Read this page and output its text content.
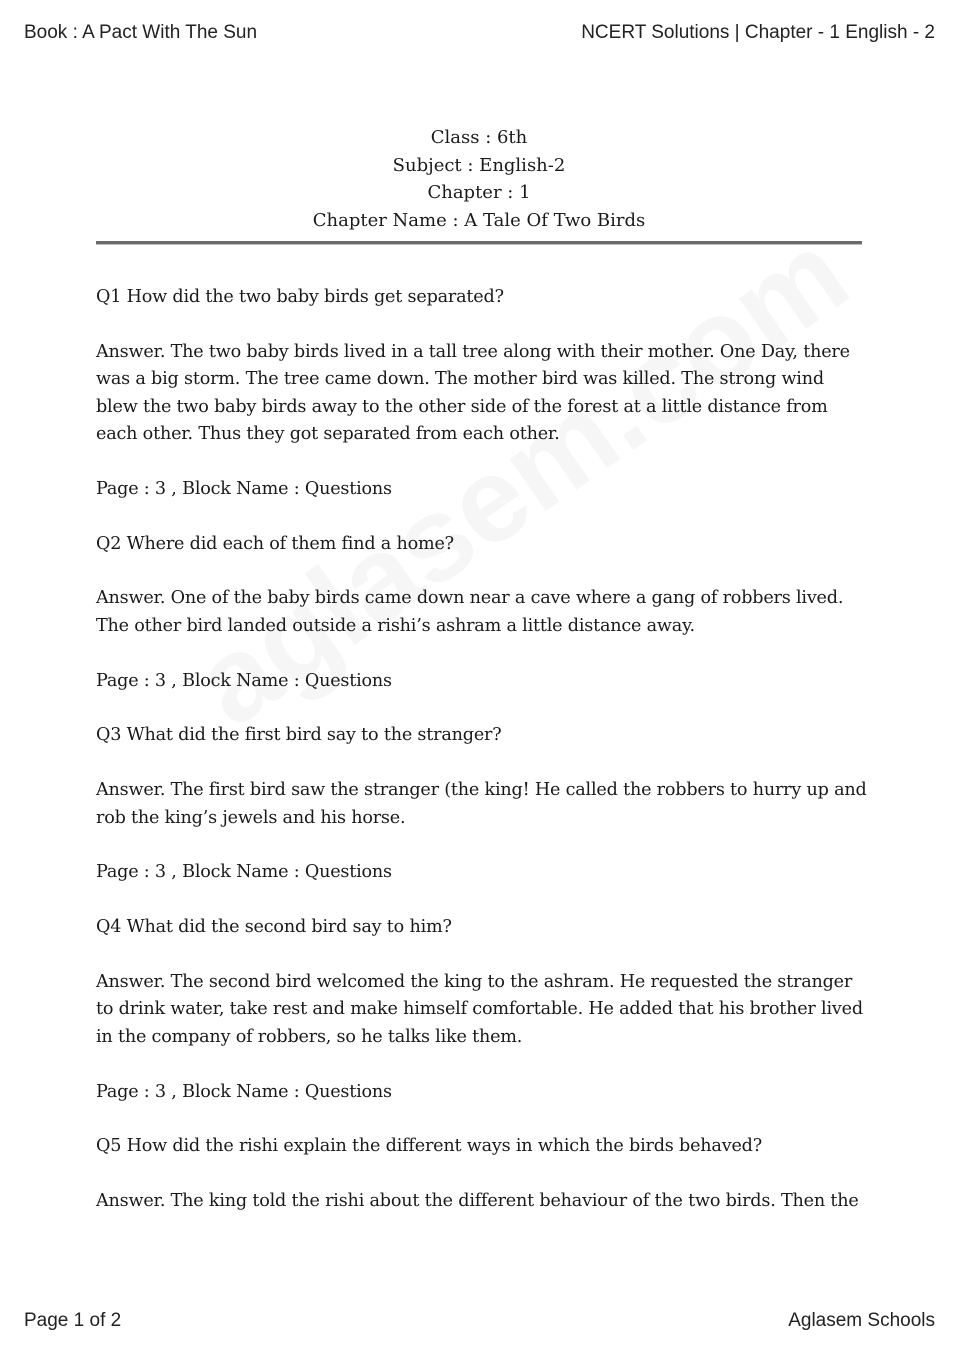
Book : A Pact With The Sun	NCERT Solutions | Chapter - 1 English - 2
Class : 6th
Subject : English-2
Chapter : 1
Chapter Name : A Tale Of Two Birds

Q1 How did the two baby birds get separated?

Answer. The two baby birds lived in a tall tree along with their mother. One Day, there was a big storm. The tree came down. The mother bird was killed. The strong wind blew the two baby birds away to the other side of the forest at a little distance from each other. Thus they got separated from each other.

Page : 3 , Block Name : Questions

Q2 Where did each of them find a home?

Answer. One of the baby birds came down near a cave where a gang of robbers lived. The other bird landed outside a rishi’s ashram a little distance away.

Page : 3 , Block Name : Questions

Q3 What did the first bird say to the stranger?

Answer. The first bird saw the stranger (the king! He called the robbers to hurry up and rob the king’s jewels and his horse.

Page : 3 , Block Name : Questions

Q4 What did the second bird say to him?

Answer. The second bird welcomed the king to the ashram. He requested the stranger to drink water, take rest and make himself comfortable. He added that his brother lived in the company of robbers, so he talks like them.

Page : 3 , Block Name : Questions

Q5 How did the rishi explain the different ways in which the birds behaved?

Answer. The king told the rishi about the different behaviour of the two birds. Then the

Page 1 of 2	Aglasem Schools
